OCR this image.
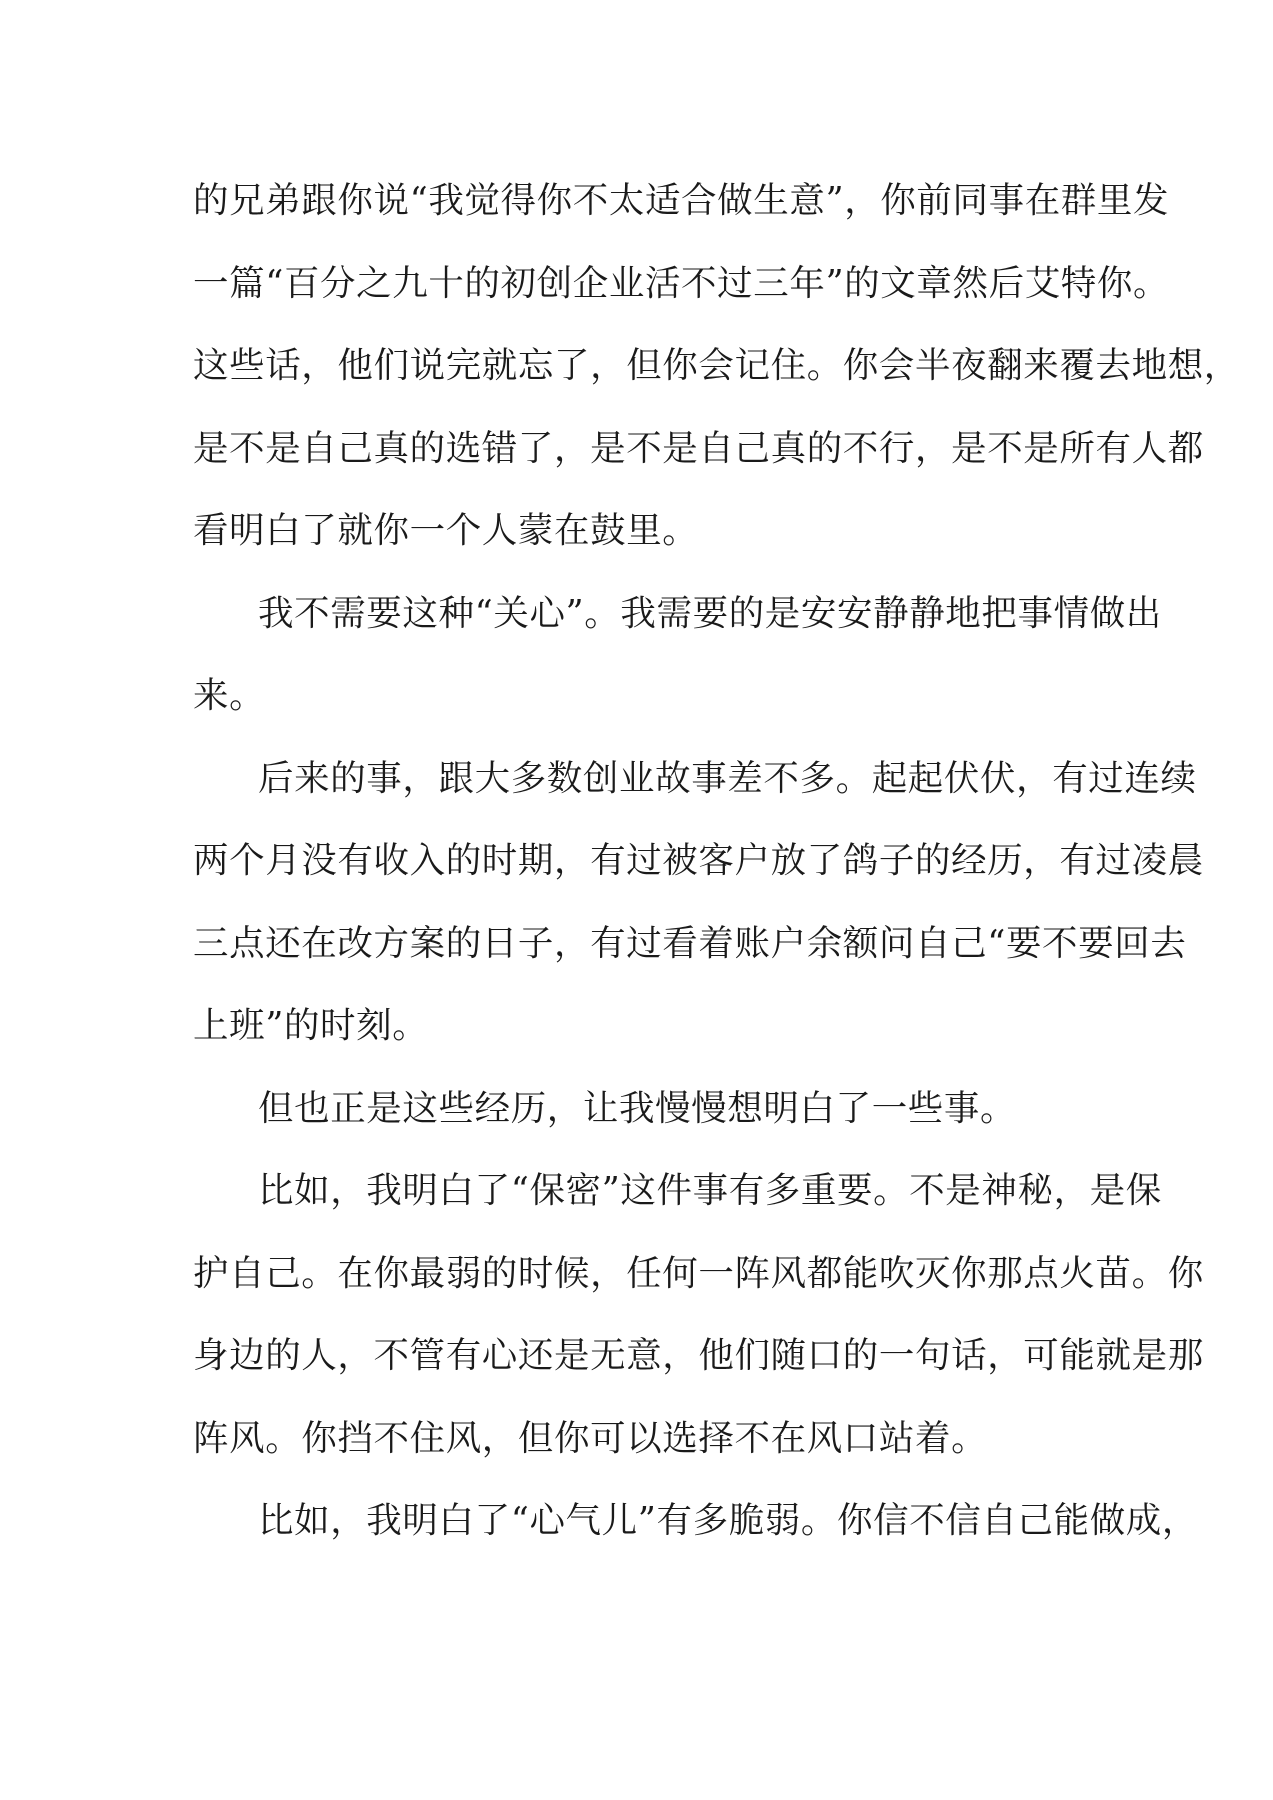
的兄弟跟你说“我觉得你不太适合做生意”，你前同事在群里发
一篇“百分之九十的初创企业活不过三年”的文章然后艾特你。
这些话，他们说完就忘了，但你会记住。你会半夜翻来覆去地想，
是不是自己真的选错了，是不是自己真的不行，是不是所有人都
看明白了就你一个人蒙在鼓里。
我不需要这种“关心”。我需要的是安安静静地把事情做出
来。
后来的事，跟大多数创业故事差不多。起起伏伏，有过连续
两个月没有收入的时期，有过被客户放了鸽子的经历，有过凌晨
三点还在改方案的日子，有过看着账户余额问自己“要不要回去
上班”的时刻。
但也正是这些经历，让我慢慢想明白了一些事。
比如，我明白了“保密”这件事有多重要。不是神秘，是保
护自己。在你最弱的时候，任何一阵风都能吹灭你那点火苗。你
身边的人，不管有心还是无意，他们随口的一句话，可能就是那
阵风。你挡不住风，但你可以选择不在风口站着。
比如，我明白了“心气儿”有多脆弱。你信不信自己能做成，
